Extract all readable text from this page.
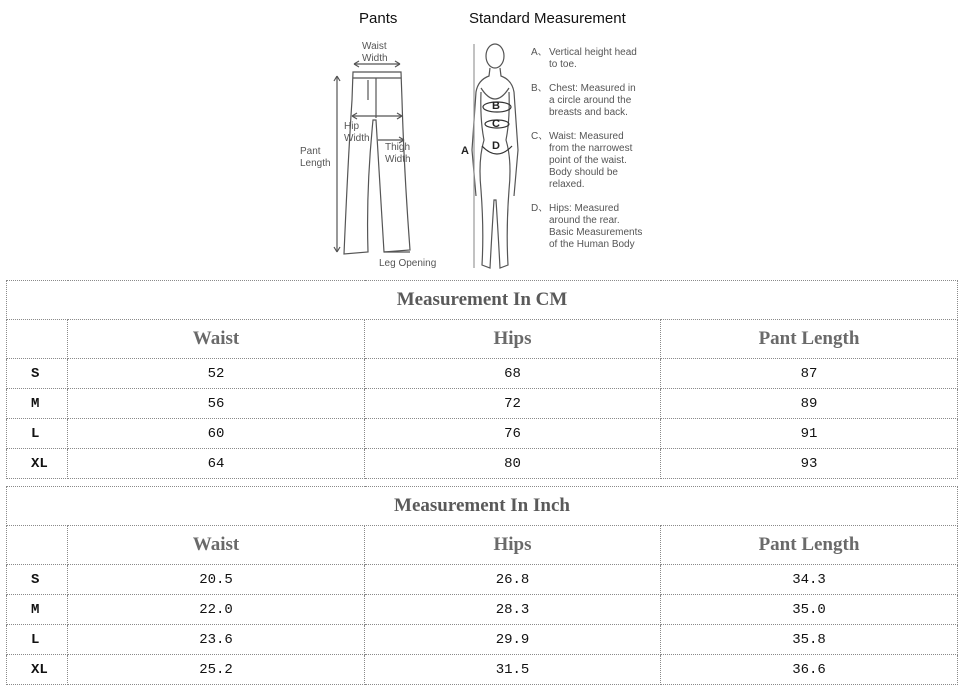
Pants	Standard Measurement
Waist
Width
Hip
Width
Pant
Length
Thigh
Width
Leg Opening
A
B
C
D
A、 Vertical height head
to toe.
B、 Chest: Measured in
a circle around the
breasts and back.
C、 Waist: Measured
from the narrowest
point of the waist.
Body should be
relaxed.
D、 Hips: Measured
around the rear.
Basic Measurements
of the Human Body
Measurement In CM			
	Waist	Hips	Pant Length
S	52	68	87
M	56	72	89
L	60	76	91
XL	64	80	93
Measurement In Inch			
	Waist	Hips	Pant Length
S	20.5	26.8	34.3
M	22.0	28.3	35.0
L	23.6	29.9	35.8
XL	25.2	31.5	36.6
